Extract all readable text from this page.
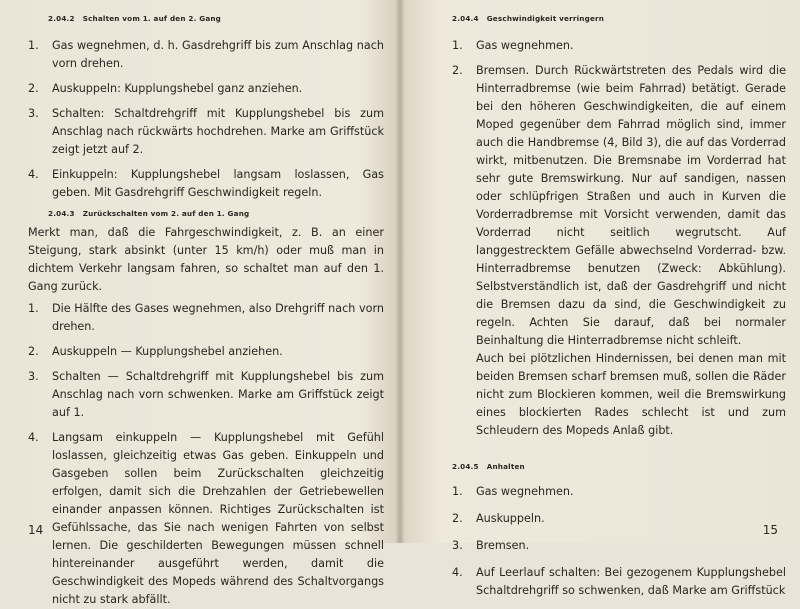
2.04.2 Schalten vom 1. auf den 2. Gang
1. Gas wegnehmen, d. h. Gasdrehgriff bis zum Anschlag nach vorn drehen.
2. Auskuppeln: Kupplungshebel ganz anziehen.
3. Schalten: Schaltdrehgriff mit Kupplungshebel bis zum Anschlag nach rückwärts hochdrehen. Marke am Griffstück zeigt jetzt auf 2.
4. Einkuppeln: Kupplungshebel langsam loslassen, Gas geben. Mit Gasdrehgriff Geschwindigkeit regeln.
2.04.3 Zurückschalten vom 2. auf den 1. Gang

Merkt man, daß die Fahrgeschwindigkeit, z. B. an einer Steigung, stark absinkt (unter 15 km/h) oder muß man in dichtem Verkehr langsam fahren, so schaltet man auf den 1. Gang zurück.

1. Die Hälfte des Gases wegnehmen, also Drehgriff nach vorn drehen.
2. Auskuppeln — Kupplungshebel anziehen.
3. Schalten — Schaltdrehgriff mit Kupplungshebel bis zum Anschlag nach vorn schwenken. Marke am Griffstück zeigt auf 1.
4. Langsam einkuppeln — Kupplungshebel mit Gefühl loslassen, gleichzeitig etwas Gas geben. Einkuppeln und Gasgeben sollen beim Zurückschalten gleichzeitig erfolgen, damit sich die Drehzahlen der Getriebewellen einander anpassen können. Richtiges Zurückschalten ist Gefühlssache, das Sie nach wenigen Fahrten von selbst lernen. Die geschilderten Bewegungen müssen schnell hintereinander ausgeführt werden, damit die Geschwindigkeit des Mopeds während des Schaltvorgangs nicht zu stark abfällt.
14
2.04.4 Geschwindigkeit verringern
1. Gas wegnehmen.
2. Bremsen. Durch Rückwärtstreten des Pedals wird die Hinterradbremse (wie beim Fahrrad) betätigt. Gerade bei den höheren Geschwindigkeiten, die auf einem Moped gegenüber dem Fahrrad möglich sind, immer auch die Handbremse (4, Bild 3), die auf das Vorderrad wirkt, mitbenutzen. Die Bremsnabe im Vorderrad hat sehr gute Bremswirkung. Nur auf sandigen, nassen oder schlüpfrigen Straßen und auch in Kurven die Vorderradbremse mit Vorsicht verwenden, damit das Vorderrad nicht seitlich wegrutscht. Auf langgestrecktem Gefälle abwechselnd Vorderrad- bzw. Hinterradbremse benutzen (Zweck: Abkühlung). Selbstverständlich ist, daß der Gasdrehgriff und nicht die Bremsen dazu da sind, die Geschwindigkeit zu regeln. Achten Sie darauf, daß bei normaler Beinhaltung die Hinterradbremse nicht schleift.

Auch bei plötzlichen Hindernissen, bei denen man mit beiden Bremsen scharf bremsen muß, sollen die Räder nicht zum Blockieren kommen, weil die Bremswirkung eines blockierten Rades schlecht ist und zum Schleudern des Mopeds Anlaß gibt.

2.04.5 Anhalten
1. Gas wegnehmen.
2. Auskuppeln.
3. Bremsen.
4. Auf Leerlauf schalten: Bei gezogenem Kupplungshebel Schaltdrehgriff so schwenken, daß Marke am Griffstück
15
